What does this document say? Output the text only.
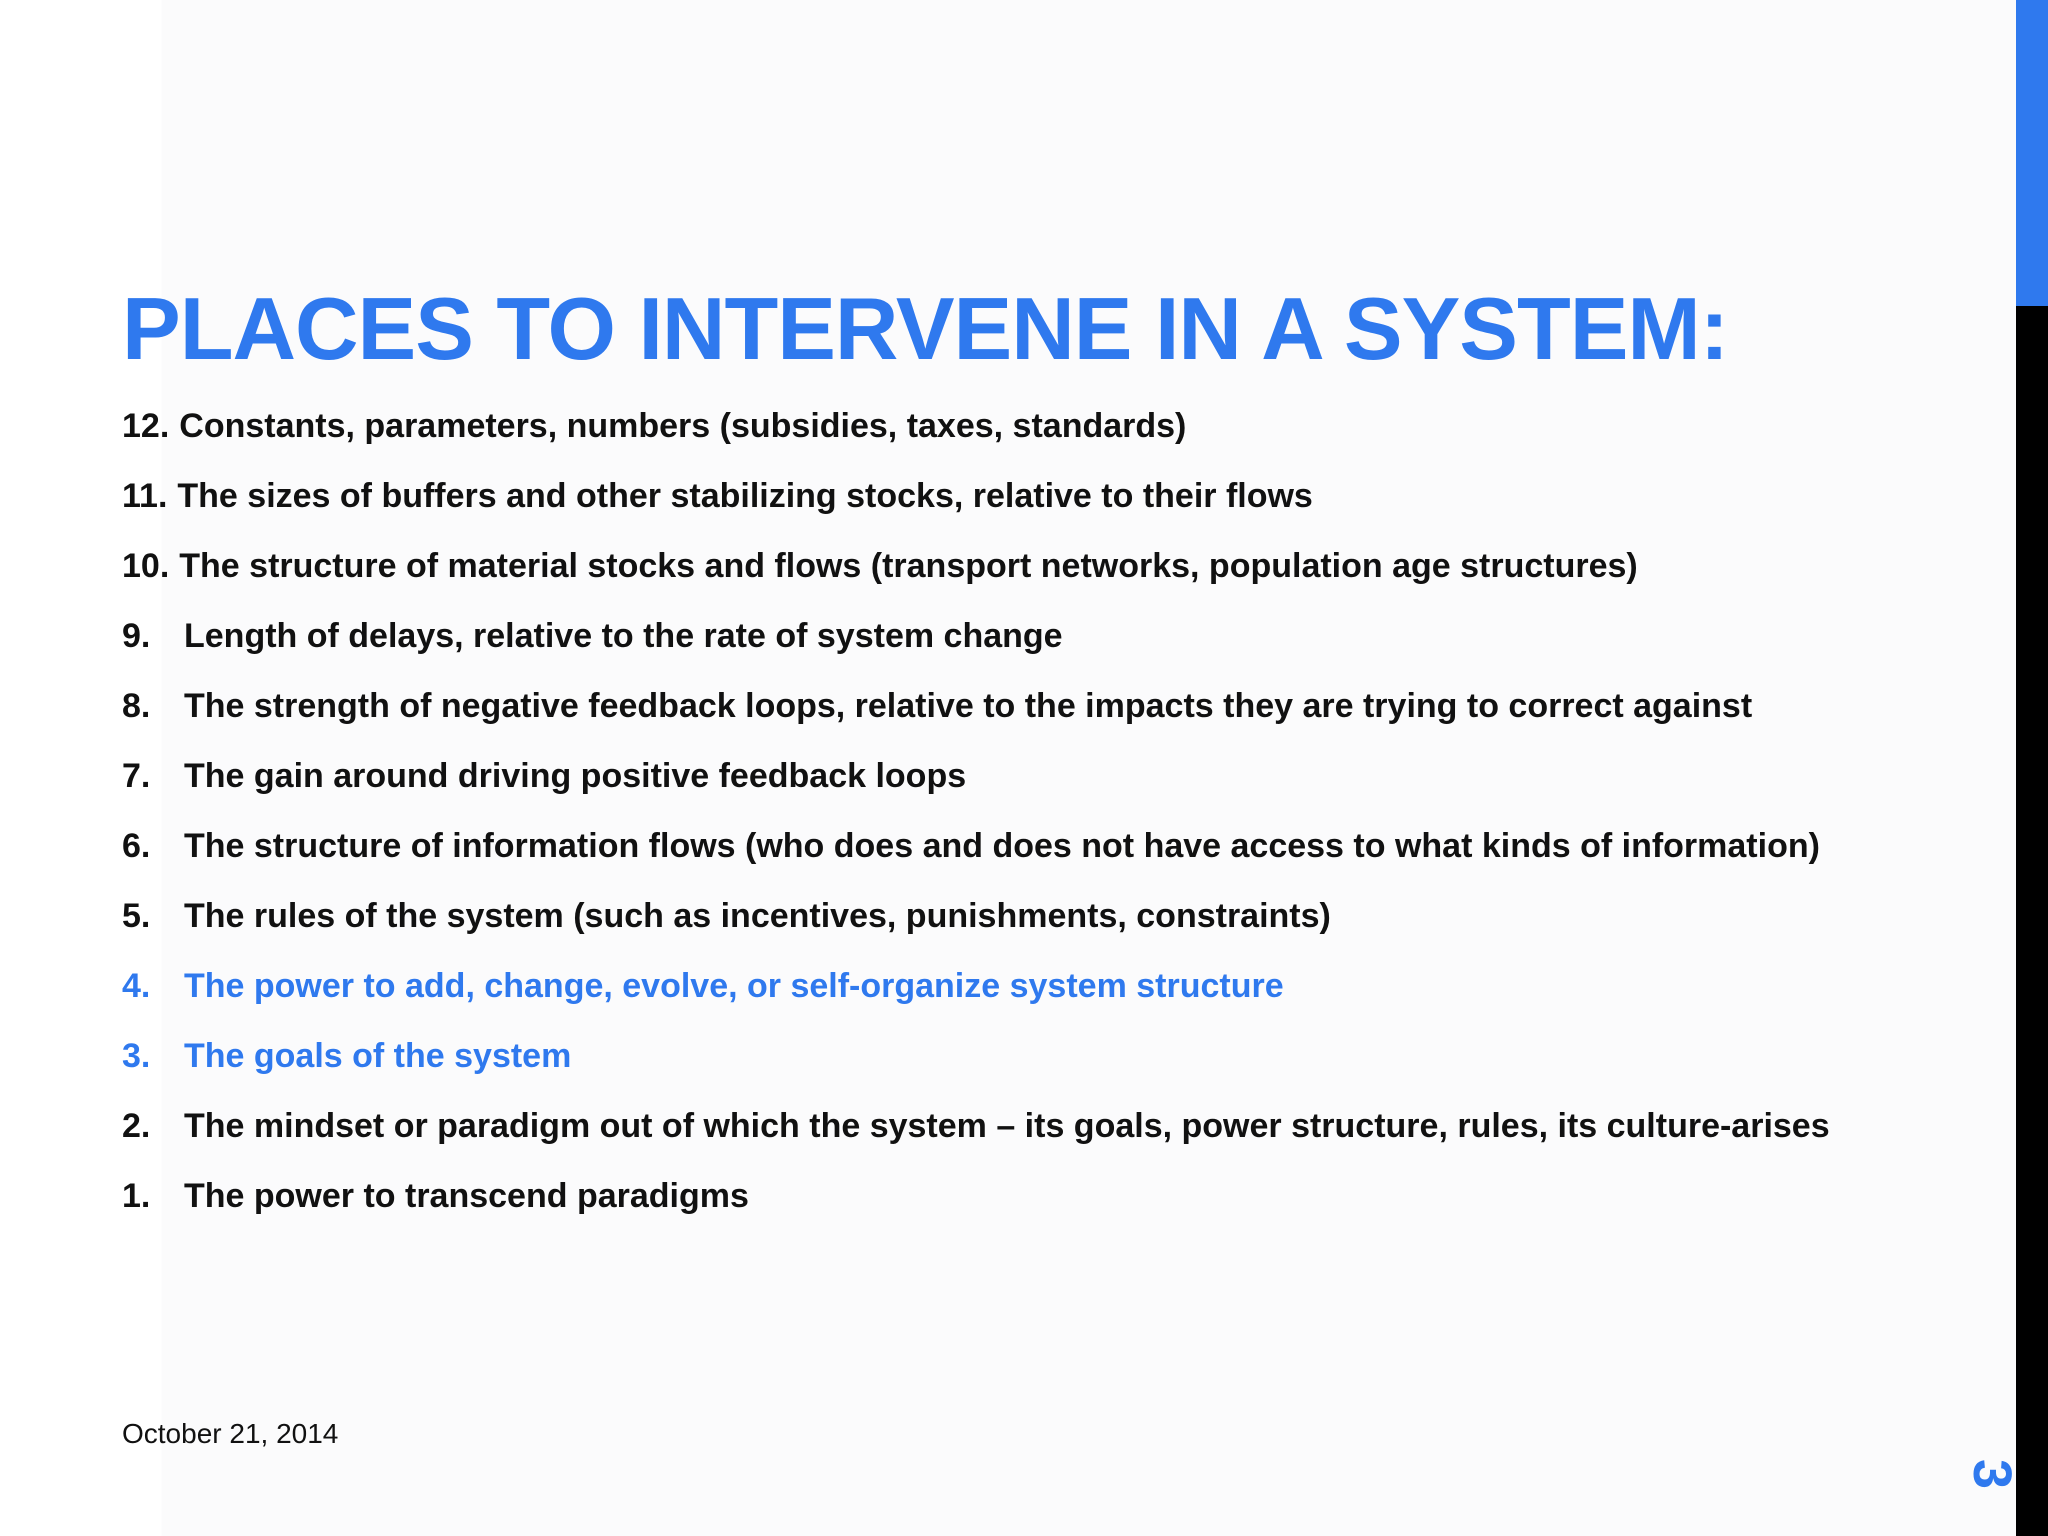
PLACES TO INTERVENE IN A SYSTEM:
12. Constants, parameters, numbers (subsidies, taxes, standards)
11. The sizes of buffers and other stabilizing stocks, relative to their flows
10. The structure of material stocks and flows (transport networks, population age structures)
9. Length of delays, relative to the rate of system change
8. The strength of negative feedback loops, relative to the impacts they are trying to correct against
7. The gain around driving positive feedback loops
6. The structure of information flows (who does and does not have access to what kinds of information)
5. The rules of the system (such as incentives, punishments, constraints)
4. The power to add, change, evolve, or self-organize system structure
3. The goals of the system
2. The mindset or paradigm out of which the system – its goals, power structure, rules, its culture-arises
1. The power to transcend paradigms
October 21, 2014
3
